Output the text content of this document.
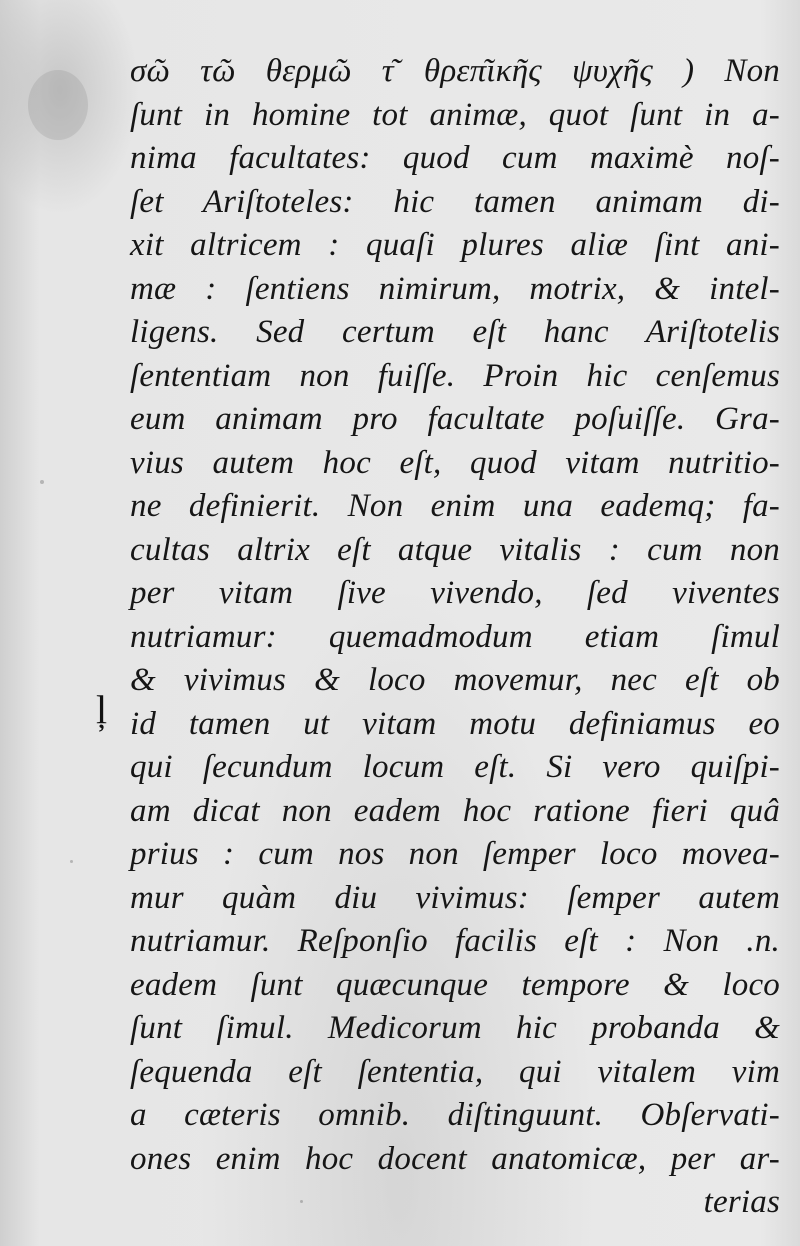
ļ
σῶ τῶ θερμῶ τ͂ θρεπ͂ικῆς ψυχῆς ) Non
ſunt in homine tot animæ, quot ſunt in a-
nima facultates: quod cum maximè noſ-
ſet Ariſtoteles: hic tamen animam di-
xit altricem : quaſi plures aliæ ſint ani-
mæ : ſentiens nimirum, motrix, & intel-
ligens. Sed certum eſt hanc Ariſtotelis
ſententiam non fuiſſe. Proin hic cenſemus
eum animam pro facultate poſuiſſe. Gra-
vius autem hoc eſt, quod vitam nutritio-
ne definierit. Non enim una eademq; fa-
cultas altrix eſt atque vitalis : cum non
per vitam ſive vivendo, ſed viventes
nutriamur: quemadmodum etiam ſimul
& vivimus & loco movemur, nec eſt ob
id tamen ut vitam motu definiamus eo
qui ſecundum locum eſt. Si vero quiſpi-
am dicat non eadem hoc ratione fieri quâ
prius : cum nos non ſemper loco movea-
mur quàm diu vivimus: ſemper autem
nutriamur. Reſponſio facilis eſt : Non .n.
eadem ſunt quæcunque tempore & loco
ſunt ſimul. Medicorum hic probanda &
ſequenda eſt ſententia, qui vitalem vim
a cæteris omnib. diſtinguunt. Obſervati-
ones enim hoc docent anatomicæ, per ar-
terias
